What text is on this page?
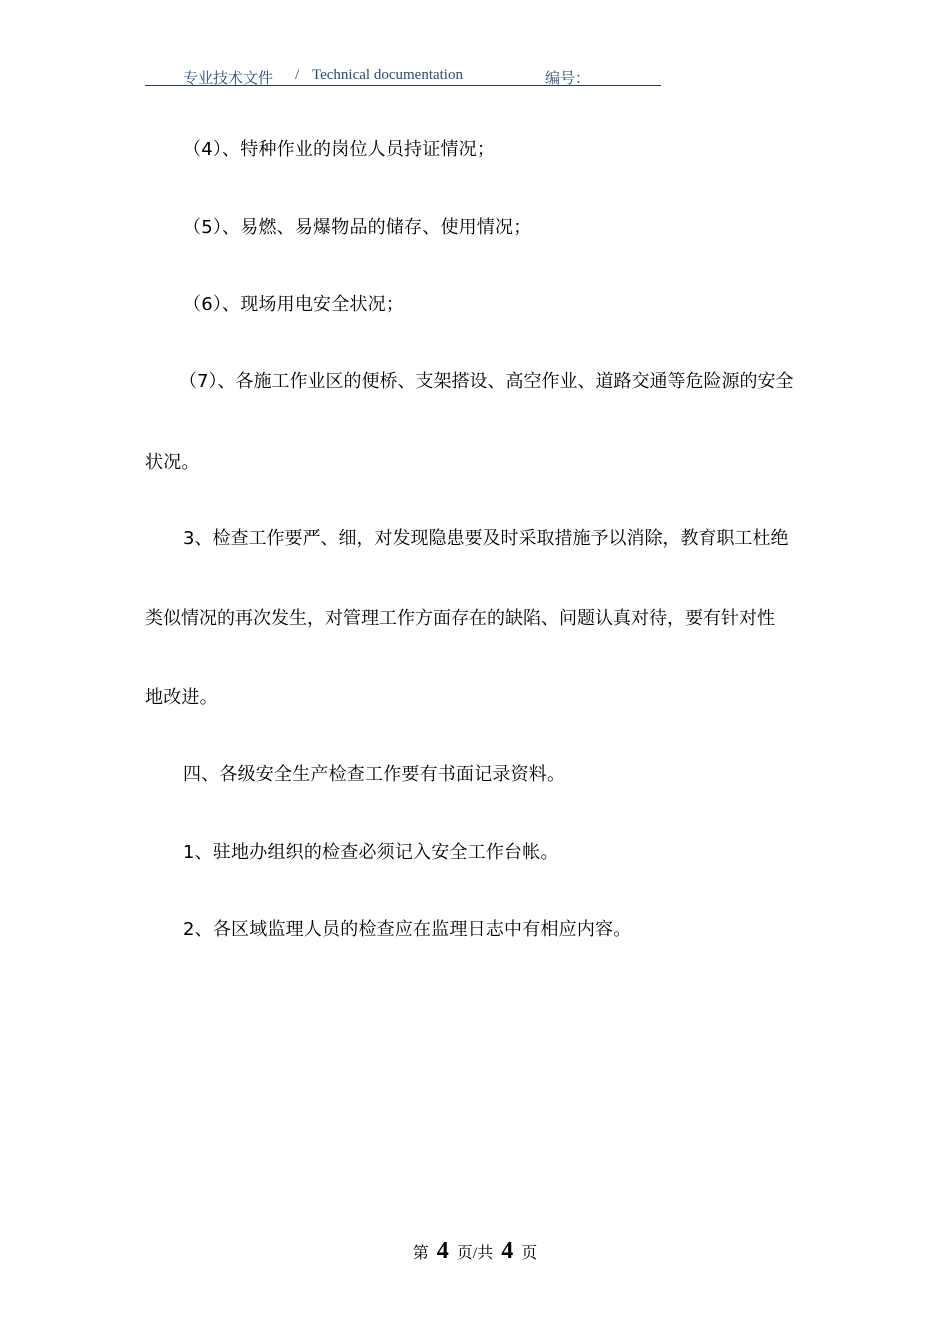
专业技术文件 / Technical documentation	编号：
（4）、特种作业的岗位人员持证情况；
（5）、易燃、易爆物品的储存、使用情况；
（6）、现场用电安全状况；
（7）、各施工作业区的便桥、支架搭设、高空作业、道路交通等危险源的安全
状况。
3、检查工作要严、细，对发现隐患要及时采取措施予以消除，教育职工杜绝
类似情况的再次发生，对管理工作方面存在的缺陷、问题认真对待，要有针对性
地改进。
四、各级安全生产检查工作要有书面记录资料。
1、驻地办组织的检查必须记入安全工作台帐。
2、各区域监理人员的检查应在监理日志中有相应内容。
第 4 页/共 4 页
